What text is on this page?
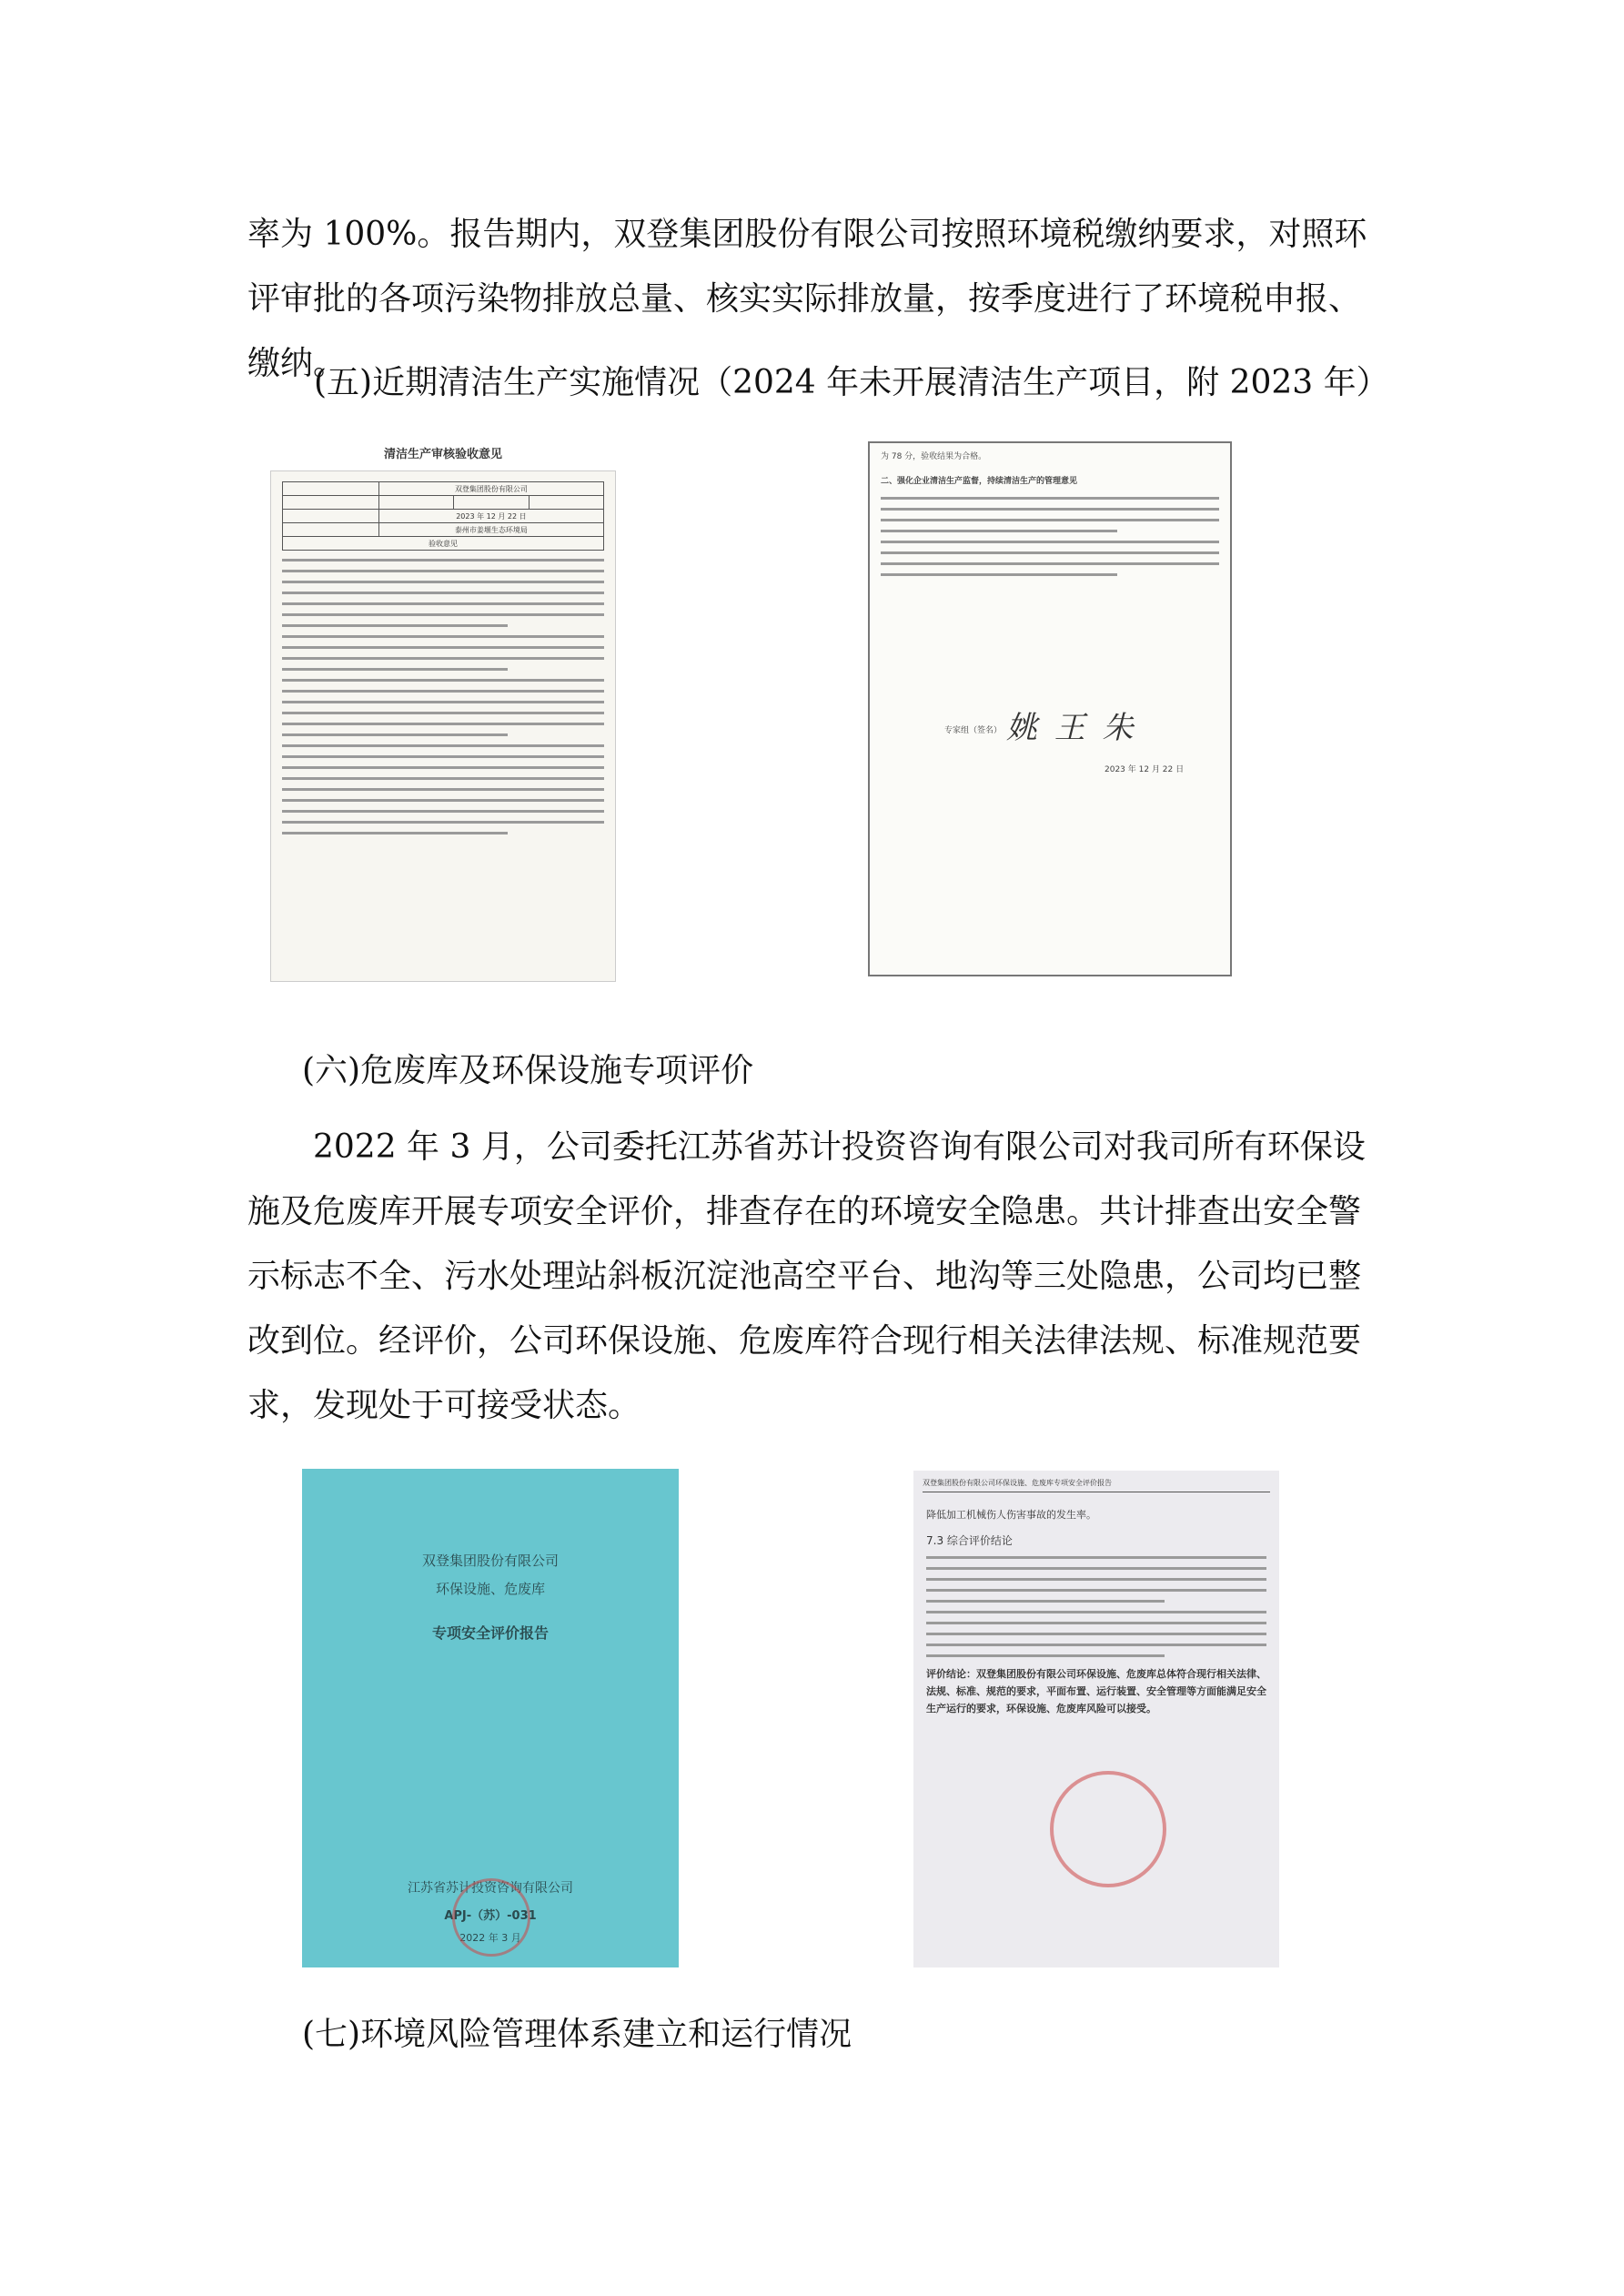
率为 100%。报告期内，双登集团股份有限公司按照环境税缴纳要求，对照环评审批的各项污染物排放总量、核实实际排放量，按季度进行了环境税申报、缴纳。

(五)近期清洁生产实施情况（2024 年未开展清洁生产项目，附 2023 年）

清洁生产审核验收意见
	双登集团股份有限公司		

	2023 年 12 月 22 日		
	泰州市姜堰生态环境局		
验收意见			
为 78 分，验收结果为合格。
二、强化企业清洁生产监督，持续清洁生产的管理意见
专家组（签名） 姚 王 朱
2023 年 12 月 22 日

(六)危废库及环保设施专项评价

2022 年 3 月，公司委托江苏省苏计投资咨询有限公司对我司所有环保设施及危废库开展专项安全评价，排查存在的环境安全隐患。共计排查出安全警示标志不全、污水处理站斜板沉淀池高空平台、地沟等三处隐患，公司均已整改到位。经评价，公司环保设施、危废库符合现行相关法律法规、标准规范要求，发现处于可接受状态。

双登集团股份有限公司
环保设施、危废库
专项安全评价报告
江苏省苏计投资咨询有限公司
APJ-（苏）-031
2022 年 3 月
双登集团股份有限公司环保设施、危废库专项安全评价报告
降低加工机械伤人伤害事故的发生率。
7.3 综合评价结论
评价结论：双登集团股份有限公司环保设施、危废库总体符合现行相关法律、法规、标准、规范的要求，平面布置、运行装置、安全管理等方面能满足安全生产运行的要求，环保设施、危废库风险可以接受。

(七)环境风险管理体系建立和运行情况
